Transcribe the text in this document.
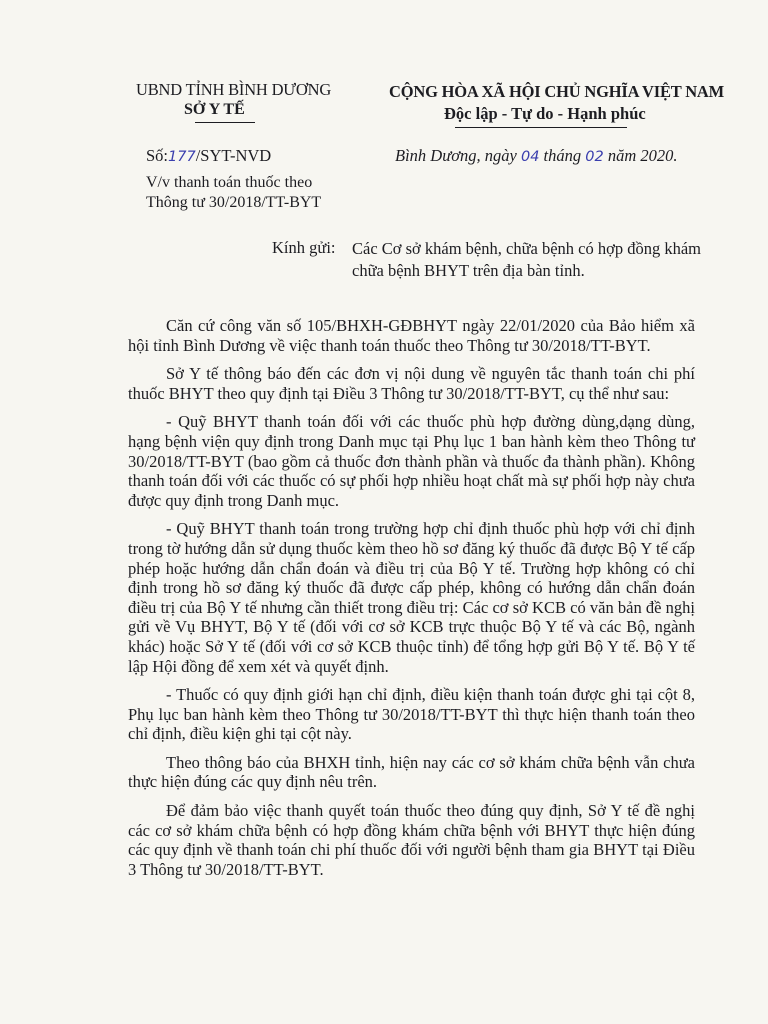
UBND TỈNH BÌNH DƯƠNG
SỞ Y TẾ
CỘNG HÒA XÃ HỘI CHỦ NGHĨA VIỆT NAM
Độc lập - Tự do - Hạnh phúc
Số:177/SYT-NVD	Bình Dương, ngày 04 tháng 02 năm 2020.
V/v thanh toán thuốc theo Thông tư 30/2018/TT-BYT
Kính gửi: Các Cơ sở khám bệnh, chữa bệnh có hợp đồng khám chữa bệnh BHYT trên địa bàn tỉnh.

Căn cứ công văn số 105/BHXH-GĐBHYT ngày 22/01/2020 của Bảo hiểm xã hội tỉnh Bình Dương về việc thanh toán thuốc theo Thông tư 30/2018/TT-BYT.

Sở Y tế thông báo đến các đơn vị nội dung về nguyên tắc thanh toán chi phí thuốc BHYT theo quy định tại Điều 3 Thông tư 30/2018/TT-BYT, cụ thể như sau:

- Quỹ BHYT thanh toán đối với các thuốc phù hợp đường dùng,dạng dùng, hạng bệnh viện quy định trong Danh mục tại Phụ lục 1 ban hành kèm theo Thông tư 30/2018/TT-BYT (bao gồm cả thuốc đơn thành phần và thuốc đa thành phần). Không thanh toán đối với các thuốc có sự phối hợp nhiều hoạt chất mà sự phối hợp này chưa được quy định trong Danh mục.

- Quỹ BHYT thanh toán trong trường hợp chỉ định thuốc phù hợp với chỉ định trong tờ hướng dẫn sử dụng thuốc kèm theo hồ sơ đăng ký thuốc đã được Bộ Y tế cấp phép hoặc hướng dẫn chẩn đoán và điều trị của Bộ Y tế. Trường hợp không có chỉ định trong hồ sơ đăng ký thuốc đã được cấp phép, không có hướng dẫn chẩn đoán điều trị của Bộ Y tế nhưng cần thiết trong điều trị: Các cơ sở KCB có văn bản đề nghị gửi về Vụ BHYT, Bộ Y tế (đối với cơ sở KCB trực thuộc Bộ Y tế và các Bộ, ngành khác) hoặc Sở Y tế (đối với cơ sở KCB thuộc tỉnh) để tổng hợp gửi Bộ Y tế. Bộ Y tế lập Hội đồng để xem xét và quyết định.

- Thuốc có quy định giới hạn chỉ định, điều kiện thanh toán được ghi tại cột 8, Phụ lục ban hành kèm theo Thông tư 30/2018/TT-BYT thì thực hiện thanh toán theo chỉ định, điều kiện ghi tại cột này.

Theo thông báo của BHXH tỉnh, hiện nay các cơ sở khám chữa bệnh vẫn chưa thực hiện đúng các quy định nêu trên.

Để đảm bảo việc thanh quyết toán thuốc theo đúng quy định, Sở Y tế đề nghị các cơ sở khám chữa bệnh có hợp đồng khám chữa bệnh với BHYT thực hiện đúng các quy định về thanh toán chi phí thuốc đối với người bệnh tham gia BHYT tại Điều 3 Thông tư 30/2018/TT-BYT.
